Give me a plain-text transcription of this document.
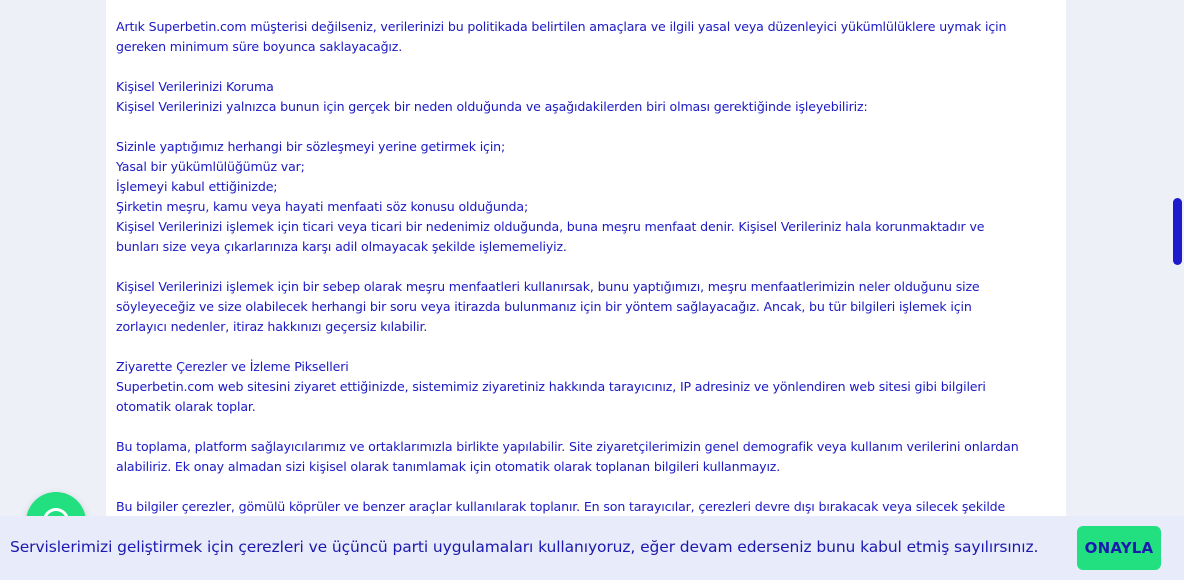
Artık Superbetin.com müşterisi değilseniz, verilerinizi bu politikada belirtilen amaçlara ve ilgili yasal veya düzenleyici yükümlülüklere uymak için
gereken minimum süre boyunca saklayacağız.
Kişisel Verilerinizi Koruma
Kişisel Verilerinizi yalnızca bunun için gerçek bir neden olduğunda ve aşağıdakilerden biri olması gerektiğinde işleyebiliriz:
Sizinle yaptığımız herhangi bir sözleşmeyi yerine getirmek için;
Yasal bir yükümlülüğümüz var;
İşlemeyi kabul ettiğinizde;
Şirketin meşru, kamu veya hayati menfaati söz konusu olduğunda;
Kişisel Verilerinizi işlemek için ticari veya ticari bir nedenimiz olduğunda, buna meşru menfaat denir. Kişisel Verileriniz hala korunmaktadır ve
bunları size veya çıkarlarınıza karşı adil olmayacak şekilde işlememeliyiz.
Kişisel Verilerinizi işlemek için bir sebep olarak meşru menfaatleri kullanırsak, bunu yaptığımızı, meşru menfaatlerimizin neler olduğunu size
söyleyeceğiz ve size olabilecek herhangi bir soru veya itirazda bulunmanız için bir yöntem sağlayacağız. Ancak, bu tür bilgileri işlemek için
zorlayıcı nedenler, itiraz hakkınızı geçersiz kılabilir.
Ziyarette Çerezler ve İzleme Pikselleri
Superbetin.com web sitesini ziyaret ettiğinizde, sistemimiz ziyaretiniz hakkında tarayıcınız, IP adresiniz ve yönlendiren web sitesi gibi bilgileri
otomatik olarak toplar.
Bu toplama, platform sağlayıcılarımız ve ortaklarımızla birlikte yapılabilir. Site ziyaretçilerimizin genel demografik veya kullanım verilerini onlardan
alabiliriz. Ek onay almadan sizi kişisel olarak tanımlamak için otomatik olarak toplanan bilgileri kullanmayız.
Bu bilgiler çerezler, gömülü köprüler ve benzer araçlar kullanılarak toplanır. En son tarayıcılar, çerezleri devre dışı bırakacak veya silecek şekilde
Servislerimizi geliştirmek için çerezleri ve üçüncü parti uygulamaları kullanıyoruz, eğer devam ederseniz bunu kabul etmiş sayılırsınız.	ONAYLA
